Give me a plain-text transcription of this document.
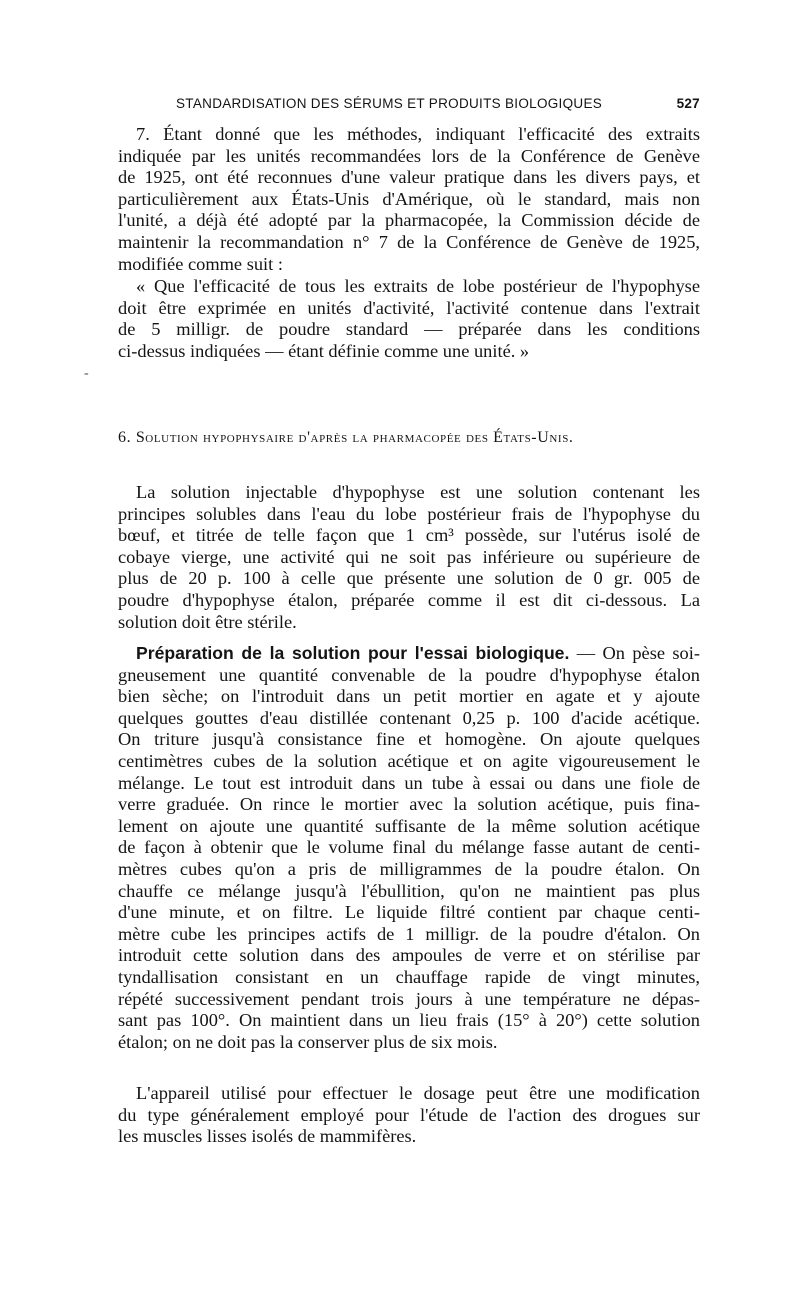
STANDARDISATION DES SÉRUMS ET PRODUITS BIOLOGIQUES	527
7. Étant donné que les méthodes, indiquant l'efficacité des extraits
indiquée par les unités recommandées lors de la Conférence de Genève
de 1925, ont été reconnues d'une valeur pratique dans les divers pays, et
particulièrement aux États-Unis d'Amérique, où le standard, mais non
l'unité, a déjà été adopté par la pharmacopée, la Commission décide de
maintenir la recommandation n° 7 de la Conférence de Genève de 1925,
modifiée comme suit :
« Que l'efficacité de tous les extraits de lobe postérieur de l'hypophyse
doit être exprimée en unités d'activité, l'activité contenue dans l'extrait
de 5 milligr. de poudre standard — préparée dans les conditions
ci-dessus indiquées — étant définie comme une unité. »
-
6. Solution hypophysaire d'après la pharmacopée des États-Unis.
La solution injectable d'hypophyse est une solution contenant les
principes solubles dans l'eau du lobe postérieur frais de l'hypophyse du
bœuf, et titrée de telle façon que 1 cm³ possède, sur l'utérus isolé de
cobaye vierge, une activité qui ne soit pas inférieure ou supérieure de
plus de 20 p. 100 à celle que présente une solution de 0 gr. 005 de
poudre d'hypophyse étalon, préparée comme il est dit ci-dessous. La
solution doit être stérile.
Préparation de la solution pour l'essai biologique. — On pèse soi-
gneusement une quantité convenable de la poudre d'hypophyse étalon
bien sèche; on l'introduit dans un petit mortier en agate et y ajoute
quelques gouttes d'eau distillée contenant 0,25 p. 100 d'acide acétique.
On triture jusqu'à consistance fine et homogène. On ajoute quelques
centimètres cubes de la solution acétique et on agite vigoureusement le
mélange. Le tout est introduit dans un tube à essai ou dans une fiole de
verre graduée. On rince le mortier avec la solution acétique, puis fina-
lement on ajoute une quantité suffisante de la même solution acétique
de façon à obtenir que le volume final du mélange fasse autant de centi-
mètres cubes qu'on a pris de milligrammes de la poudre étalon. On
chauffe ce mélange jusqu'à l'ébullition, qu'on ne maintient pas plus
d'une minute, et on filtre. Le liquide filtré contient par chaque centi-
mètre cube les principes actifs de 1 milligr. de la poudre d'étalon. On
introduit cette solution dans des ampoules de verre et on stérilise par
tyndallisation consistant en un chauffage rapide de vingt minutes,
répété successivement pendant trois jours à une température ne dépas-
sant pas 100°. On maintient dans un lieu frais (15° à 20°) cette solution
étalon; on ne doit pas la conserver plus de six mois.
L'appareil utilisé pour effectuer le dosage peut être une modification
du type généralement employé pour l'étude de l'action des drogues sur
les muscles lisses isolés de mammifères.
